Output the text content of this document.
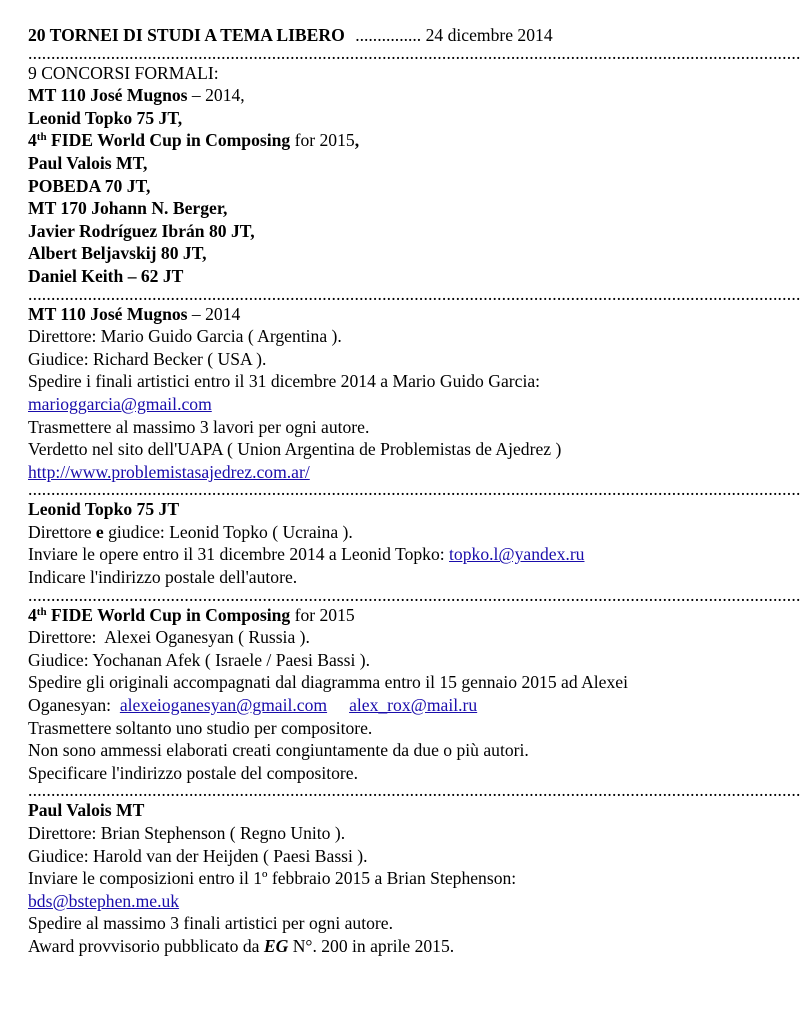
20 TORNEI DI STUDI A TEMA LIBERO ............... 24 dicembre 2014
........................................................................................................................................................................
9 CONCORSI FORMALI:
MT 110 José Mugnos – 2014,
Leonid Topko 75 JT,
4th FIDE World Cup in Composing for 2015,
Paul Valois MT,
POBEDA 70 JT,
MT 170 Johann N. Berger,
Javier Rodríguez Ibrán 80 JT,
Albert Beljavskij 80 JT,
Daniel Keith – 62 JT
........................................................................................................................................................................
MT 110 José Mugnos – 2014
Direttore: Mario Guido Garcia ( Argentina ).
Giudice: Richard Becker ( USA ).
Spedire i finali artistici entro il 31 dicembre 2014 a Mario Guido Garcia:
marioggarcia@gmail.com
Trasmettere al massimo 3 lavori per ogni autore.
Verdetto nel sito dell'UAPA ( Union Argentina de Problemistas de Ajedrez )
http://www.problemistasajedrez.com.ar/
........................................................................................................................................................................
Leonid Topko 75 JT
Direttore e giudice: Leonid Topko ( Ucraina ).
Inviare le opere entro il 31 dicembre 2014 a Leonid Topko: topko.l@yandex.ru
Indicare l'indirizzo postale dell'autore.
........................................................................................................................................................................
4th FIDE World Cup in Composing for 2015
Direttore:  Alexei Oganesyan ( Russia ).
Giudice: Yochanan Afek ( Israele / Paesi Bassi ).
Spedire gli originali accompagnati dal diagramma entro il 15 gennaio 2015 ad Alexei
Oganesyan:  alexeioganesyan@gmail.com alex_rox@mail.ru
Trasmettere soltanto uno studio per compositore.
Non sono ammessi elaborati creati congiuntamente da due o più autori.
Specificare l'indirizzo postale del compositore.
........................................................................................................................................................................
Paul Valois MT
Direttore: Brian Stephenson ( Regno Unito ).
Giudice: Harold van der Heijden ( Paesi Bassi ).
Inviare le composizioni entro il 1º febbraio 2015 a Brian Stephenson:
bds@bstephen.me.uk
Spedire al massimo 3 finali artistici per ogni autore.
Award provvisorio pubblicato da EG N°. 200 in aprile 2015.
